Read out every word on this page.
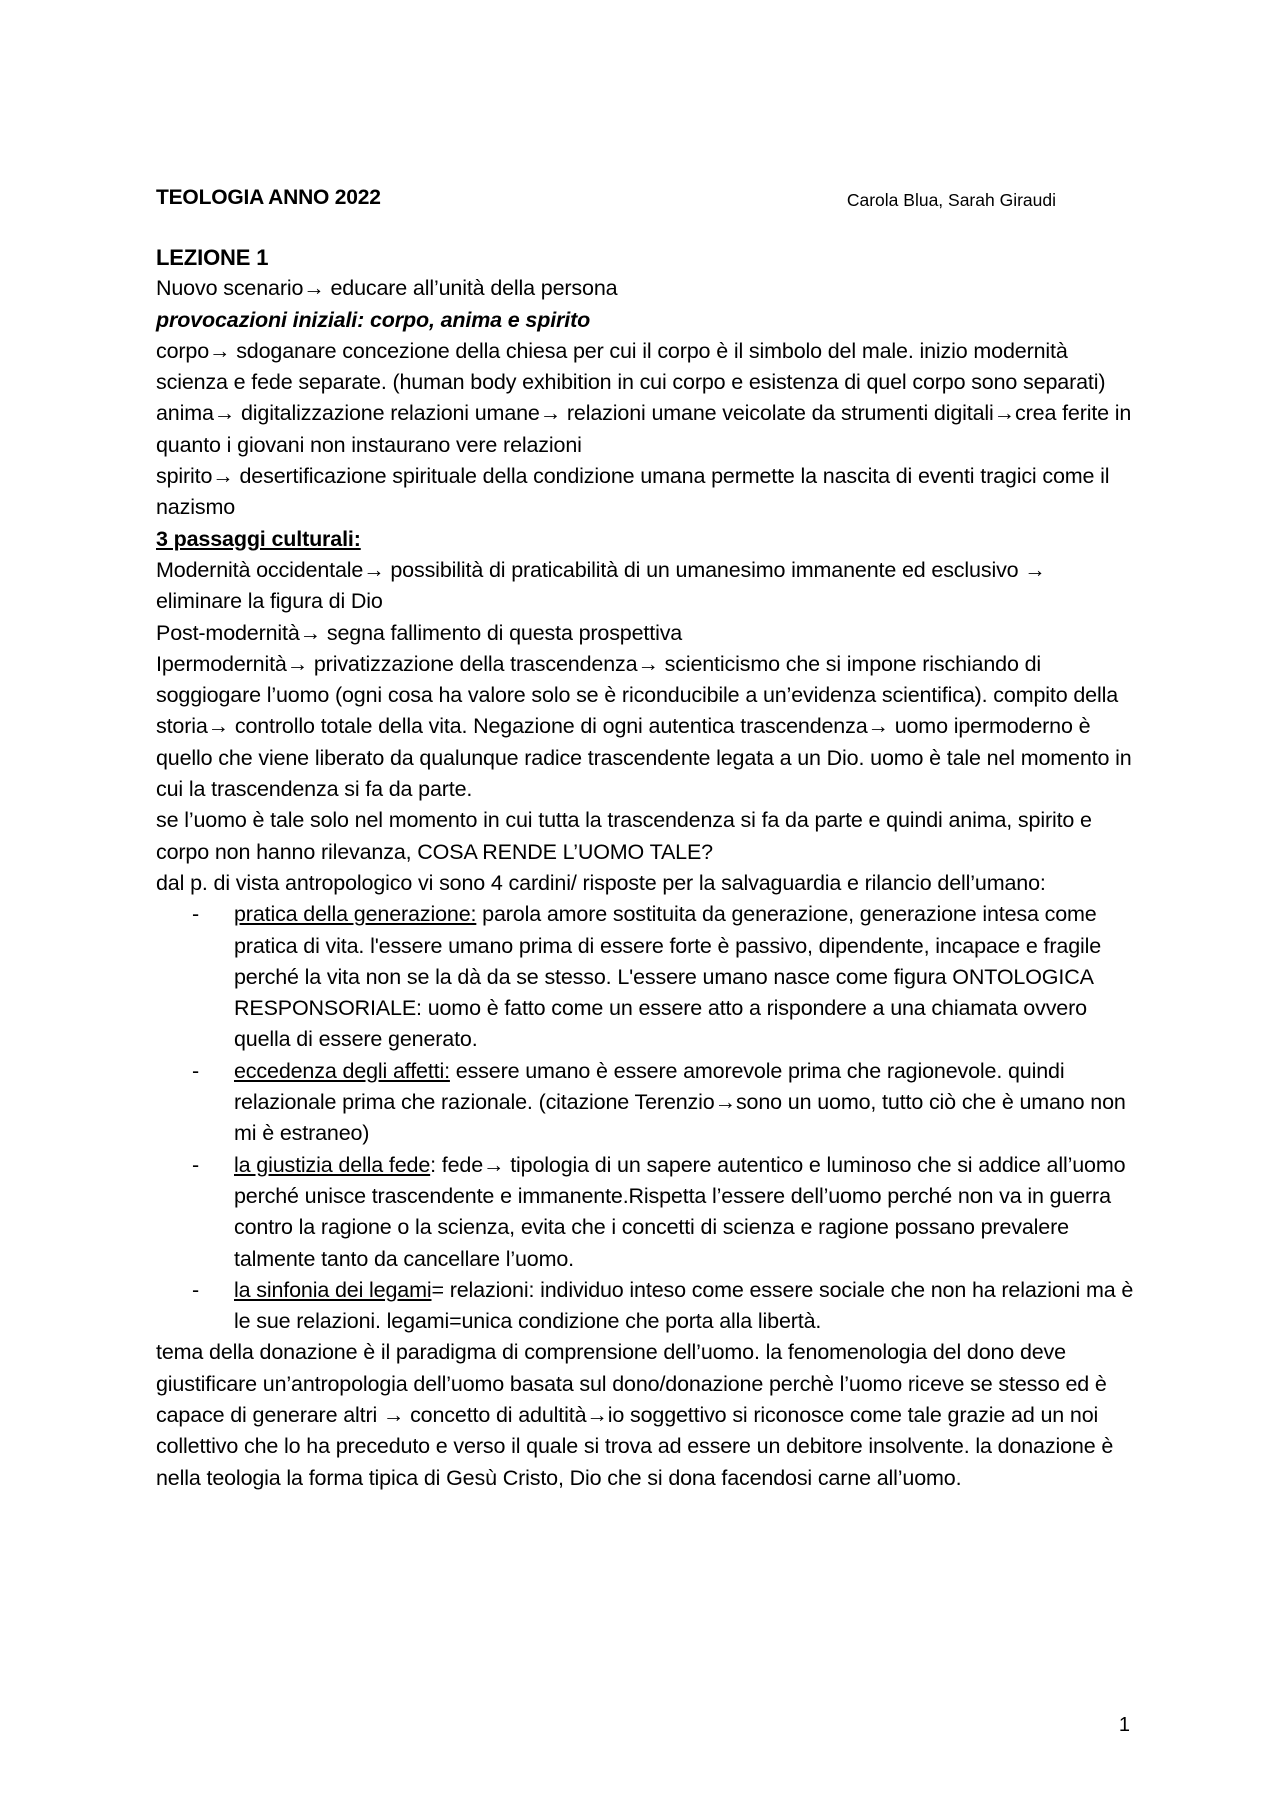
TEOLOGIA ANNO 2022	Carola Blua, Sarah Giraudi

LEZIONE 1

Nuovo scenario→ educare all’unità della persona

provocazioni iniziali: corpo, anima e spirito

corpo→ sdoganare concezione della chiesa per cui il corpo è il simbolo del male. inizio modernità scienza e fede separate. (human body exhibition in cui corpo e esistenza di quel corpo sono separati)

anima→ digitalizzazione relazioni umane→ relazioni umane veicolate da strumenti digitali→crea ferite in quanto i giovani non instaurano vere relazioni

spirito→ desertificazione spirituale della condizione umana permette la nascita di eventi tragici come il nazismo

3 passaggi culturali:

Modernità occidentale→ possibilità di praticabilità di un umanesimo immanente ed esclusivo → eliminare la figura di Dio

Post-modernità→ segna fallimento di questa prospettiva

Ipermodernità→ privatizzazione della trascendenza→ scienticismo che si impone rischiando di soggiogare l’uomo (ogni cosa ha valore solo se è riconducibile a un’evidenza scientifica). compito della storia→ controllo totale della vita. Negazione di ogni autentica trascendenza→ uomo ipermoderno è quello che viene liberato da qualunque radice trascendente legata a un Dio. uomo è tale nel momento in cui la trascendenza si fa da parte.

se l’uomo è tale solo nel momento in cui tutta la trascendenza si fa da parte e quindi anima, spirito e corpo non hanno rilevanza, COSA RENDE L’UOMO TALE?

dal p. di vista antropologico vi sono 4 cardini/ risposte per la salvaguardia e rilancio dell’umano:

- pratica della generazione: parola amore sostituita da generazione, generazione intesa come pratica di vita. l'essere umano prima di essere forte è passivo, dipendente, incapace e fragile perché la vita non se la dà da se stesso. L'essere umano nasce come figura ONTOLOGICA RESPONSORIALE: uomo è fatto come un essere atto a rispondere a una chiamata ovvero quella di essere generato.
- eccedenza degli affetti: essere umano è essere amorevole prima che ragionevole. quindi relazionale prima che razionale. (citazione Terenzio→sono un uomo, tutto ciò che è umano non mi è estraneo)
- la giustizia della fede: fede→ tipologia di un sapere autentico e luminoso che si addice all’uomo perché unisce trascendente e immanente.Rispetta l’essere dell’uomo perché non va in guerra contro la ragione o la scienza, evita che i concetti di scienza e ragione possano prevalere talmente tanto da cancellare l’uomo.
- la sinfonia dei legami= relazioni: individuo inteso come essere sociale che non ha relazioni ma è le sue relazioni. legami=unica condizione che porta alla libertà.

tema della donazione è il paradigma di comprensione dell’uomo. la fenomenologia del dono deve giustificare un’antropologia dell’uomo basata sul dono/donazione perchè l’uomo riceve se stesso ed è capace di generare altri → concetto di adultità→io soggettivo si riconosce come tale grazie ad un noi collettivo che lo ha preceduto e verso il quale si trova ad essere un debitore insolvente. la donazione è nella teologia la forma tipica di Gesù Cristo, Dio che si dona facendosi carne all’uomo.

1
